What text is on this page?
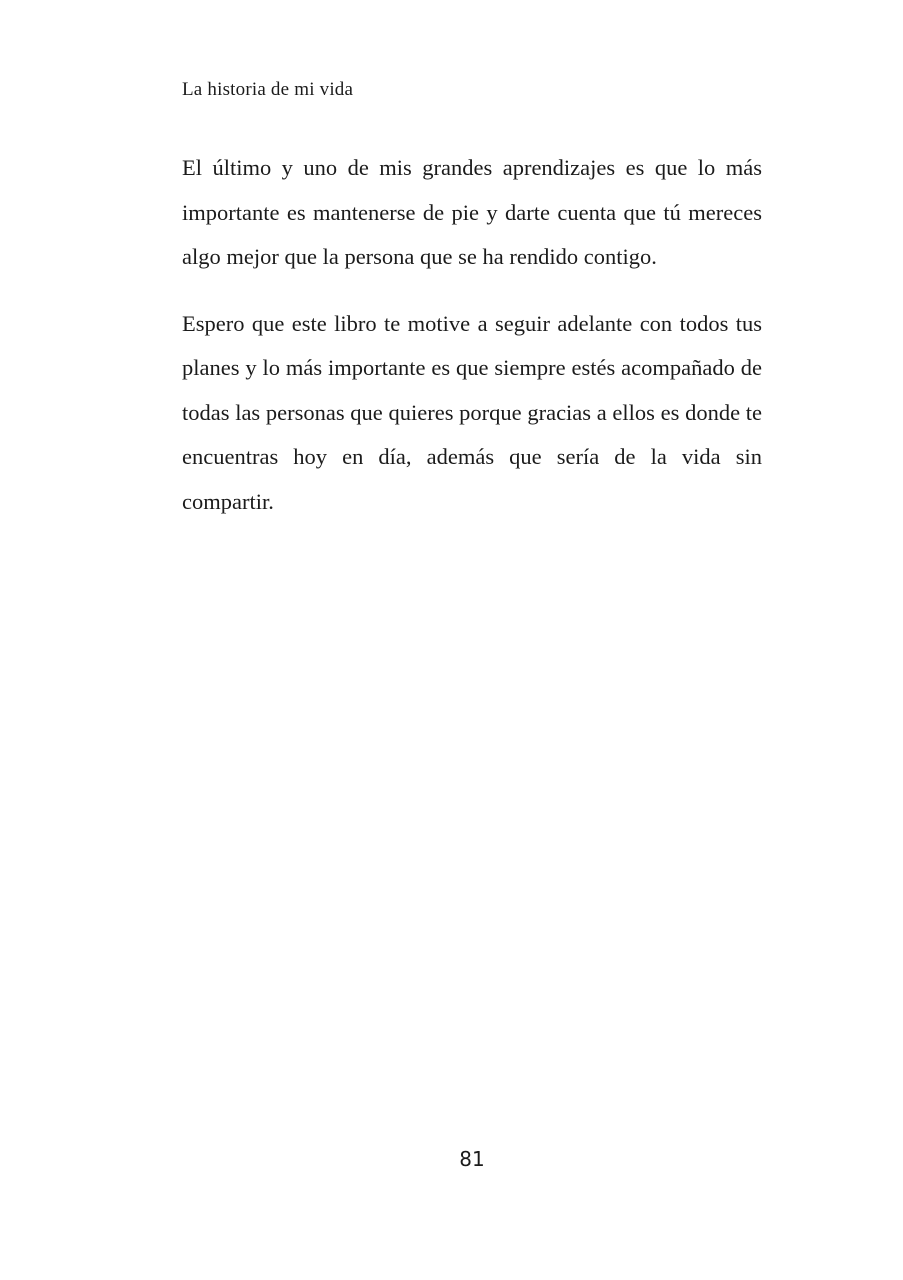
La historia de mi vida

El último y uno de mis grandes aprendizajes es que lo más importante es mantenerse de pie y darte cuenta que tú mereces algo mejor que la persona que se ha rendido contigo.

Espero que este libro te motive a seguir adelante con todos tus planes y lo más importante es que siempre estés acompañado de todas las personas que quieres porque gracias a ellos es donde te encuentras hoy en día, además que sería de la vida sin compartir.

81
